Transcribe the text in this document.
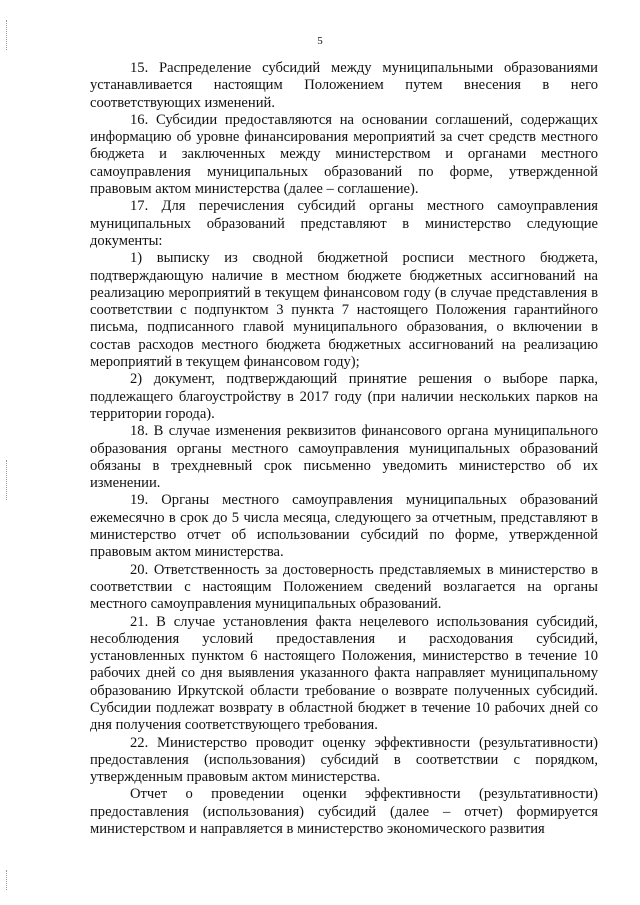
5

15. Распределение субсидий между муниципальными образованиями устанавливается настоящим Положением путем внесения в него соответствующих изменений.

16. Субсидии предоставляются на основании соглашений, содержащих информацию об уровне финансирования мероприятий за счет средств местного бюджета и заключенных между министерством и органами местного самоуправления муниципальных образований по форме, утвержденной правовым актом министерства (далее – соглашение).

17. Для перечисления субсидий органы местного самоуправления муниципальных образований представляют в министерство следующие документы:

1) выписку из сводной бюджетной росписи местного бюджета, подтверждающую наличие в местном бюджете бюджетных ассигнований на реализацию мероприятий в текущем финансовом году (в случае представления в соответствии с подпунктом 3 пункта 7 настоящего Положения гарантийного письма, подписанного главой муниципального образования, о включении в состав расходов местного бюджета бюджетных ассигнований на реализацию мероприятий в текущем финансовом году);

2) документ, подтверждающий принятие решения о выборе парка, подлежащего благоустройству в 2017 году (при наличии нескольких парков на территории города).

18. В случае изменения реквизитов финансового органа муниципального образования органы местного самоуправления муниципальных образований обязаны в трехдневный срок письменно уведомить министерство об их изменении.

19. Органы местного самоуправления муниципальных образований ежемесячно в срок до 5 числа месяца, следующего за отчетным, представляют в министерство отчет об использовании субсидий по форме, утвержденной правовым актом министерства.

20. Ответственность за достоверность представляемых в министерство в соответствии с настоящим Положением сведений возлагается на органы местного самоуправления муниципальных образований.

21. В случае установления факта нецелевого использования субсидий, несоблюдения условий предоставления и расходования субсидий, установленных пунктом 6 настоящего Положения, министерство в течение 10 рабочих дней со дня выявления указанного факта направляет муниципальному образованию Иркутской области требование о возврате полученных субсидий. Субсидии подлежат возврату в областной бюджет в течение 10 рабочих дней со дня получения соответствующего требования.

22. Министерство проводит оценку эффективности (результативности) предоставления (использования) субсидий в соответствии с порядком, утвержденным правовым актом министерства.

Отчет о проведении оценки эффективности (результативности) предоставления (использования) субсидий (далее – отчет) формируется министерством и направляется в министерство экономического развития
